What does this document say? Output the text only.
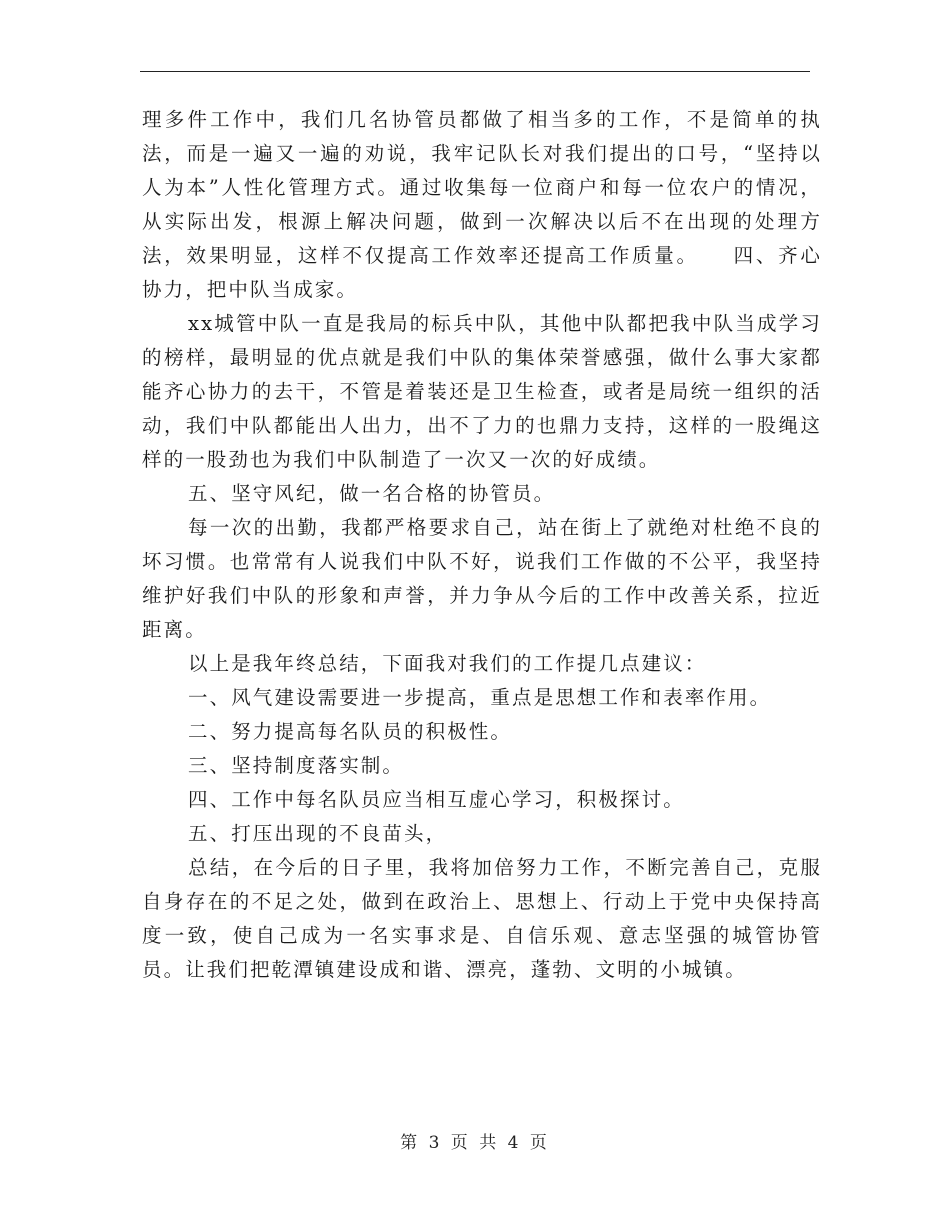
理多件工作中，我们几名协管员都做了相当多的工作，不是简单的执法，而是一遍又一遍的劝说，我牢记队长对我们提出的口号，“坚持以人为本”人性化管理方式。通过收集每一位商户和每一位农户的情况，从实际出发，根源上解决问题，做到一次解决以后不在出现的处理方法，效果明显，这样不仅提高工作效率还提高工作质量。　　四、齐心协力，把中队当成家。

xx城管中队一直是我局的标兵中队，其他中队都把我中队当成学习的榜样，最明显的优点就是我们中队的集体荣誉感强，做什么事大家都能齐心协力的去干，不管是着装还是卫生检查，或者是局统一组织的活动，我们中队都能出人出力，出不了力的也鼎力支持，这样的一股绳这样的一股劲也为我们中队制造了一次又一次的好成绩。

五、坚守风纪，做一名合格的协管员。

每一次的出勤，我都严格要求自己，站在街上了就绝对杜绝不良的坏习惯。也常常有人说我们中队不好，说我们工作做的不公平，我坚持维护好我们中队的形象和声誉，并力争从今后的工作中改善关系，拉近距离。

以上是我年终总结，下面我对我们的工作提几点建议：

一、风气建设需要进一步提高，重点是思想工作和表率作用。

二、努力提高每名队员的积极性。

三、坚持制度落实制。

四、工作中每名队员应当相互虚心学习，积极探讨。

五、打压出现的不良苗头，

总结，在今后的日子里，我将加倍努力工作，不断完善自己，克服自身存在的不足之处，做到在政治上、思想上、行动上于党中央保持高度一致，使自己成为一名实事求是、自信乐观、意志坚强的城管协管员。让我们把乾潭镇建设成和谐、漂亮，蓬勃、文明的小城镇。

第 3 页 共 4 页
